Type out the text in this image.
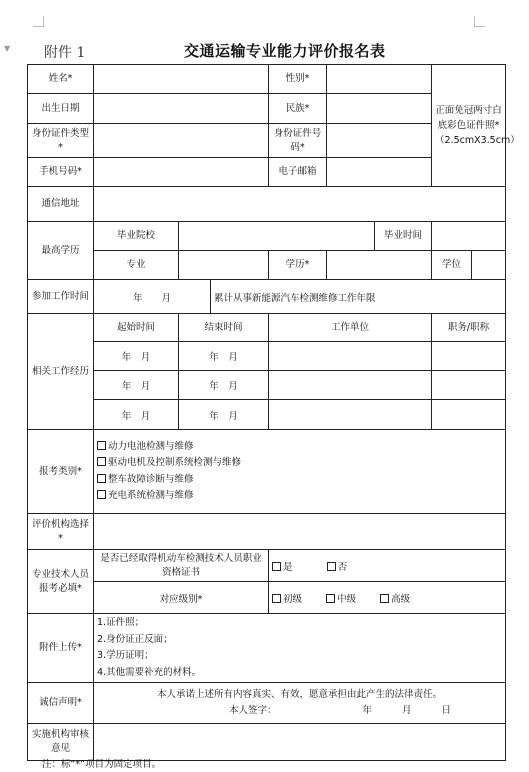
▼ 附件 1	交通运输专业能力评价报名表
姓名*				性别*			正面免冠两寸白底彩色证件照*（2.5cmX3.5cm）	
出生日期				民族*				
身份证件类型*				身份证件号码*				
手机号码*				电子邮箱				
通信地址								
最高学历	毕业院校					毕业时间		
	专业			学历*			学位	
参加工作时间	年　　月		累计从事新能源汽车检测维修工作年限					
相关工作经历	起始时间	结束时间		工作单位			职务/职称	
	年　月	年　月						
	年　月	年　月						
	年　月	年　月						
报考类别*	动力电池检测与维修
驱动电机及控制系统检测与维修
整车故障诊断与维修
充电系统检测与维修							

评价机构选择*								
专业技术人员报考必填*	是否已经取得机动车检测技术人员职业资格证书			是 否				
	对应级别*			初级 中级 高级				
附件上传*	1.证件照；
2.身份证正反面；
3.学历证明；
4.其他需要补充的材料。							

诚信声明*	本人承诺上述所有内容真实、有效，愿意承担由此产生的法律责任。
本人签字： 年 月 日							

实施机构审核意见								
注：标“*”项目为固定项目。
